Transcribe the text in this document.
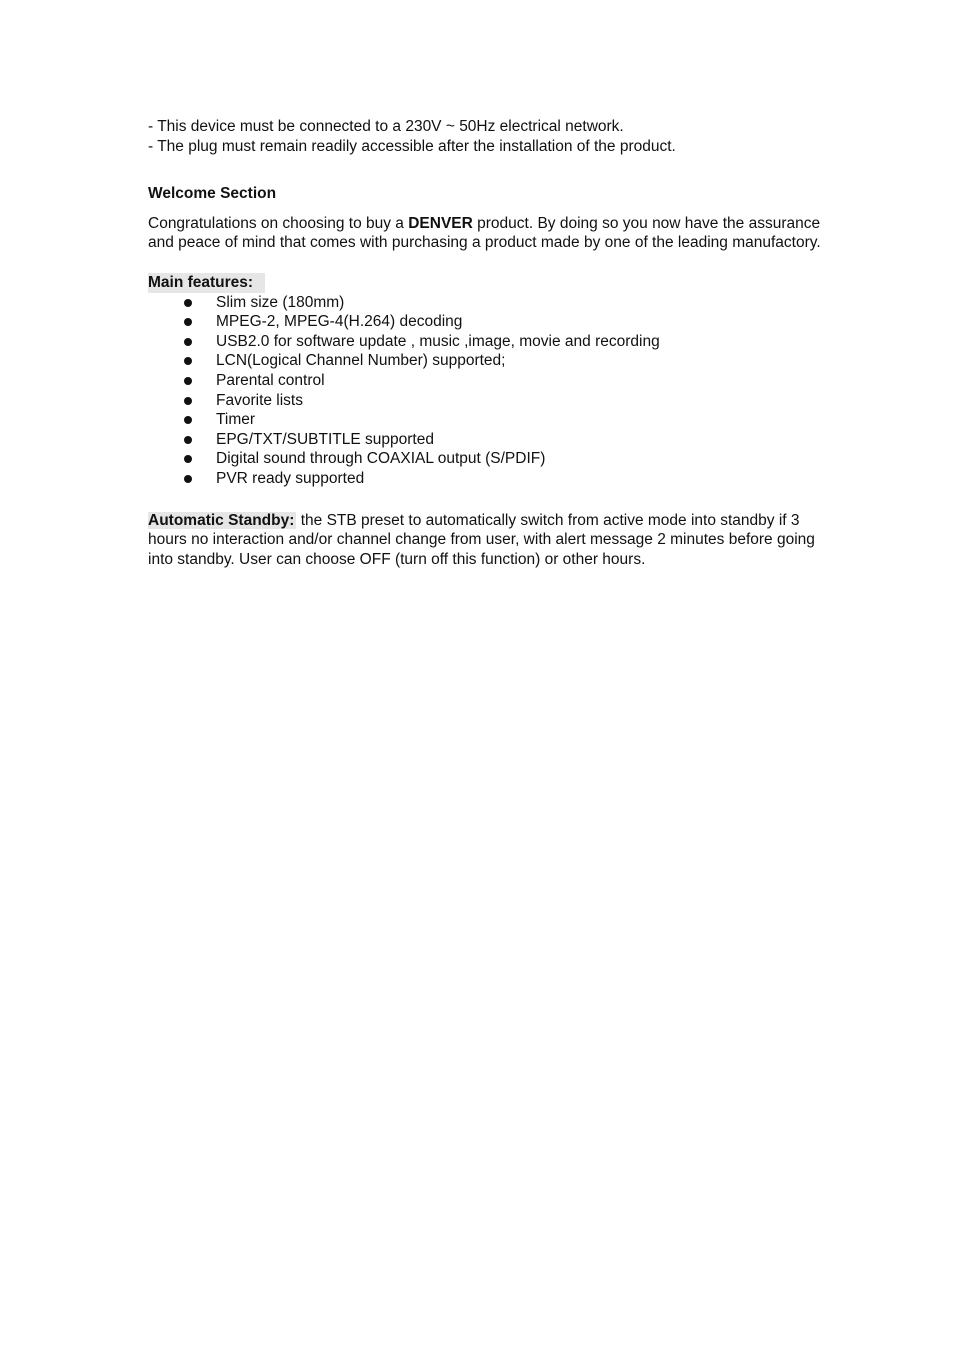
- This device must be connected to a 230V ~ 50Hz electrical network.
- The plug must remain readily accessible after the installation of the product.
Welcome Section

Congratulations on choosing to buy a DENVER product. By doing so you now have the assurance and peace of mind that comes with purchasing a product made by one of the leading manufactory.

Main features:
Slim size (180mm)
MPEG-2, MPEG-4(H.264) decoding
USB2.0 for software update , music ,image, movie and recording
LCN(Logical Channel Number) supported;
Parental control
Favorite lists
Timer
EPG/TXT/SUBTITLE supported
Digital sound through COAXIAL output (S/PDIF)
PVR ready supported

Automatic Standby: the STB preset to automatically switch from active mode into standby if 3 hours no interaction and/or channel change from user, with alert message 2 minutes before going into standby. User can choose OFF (turn off this function) or other hours.
